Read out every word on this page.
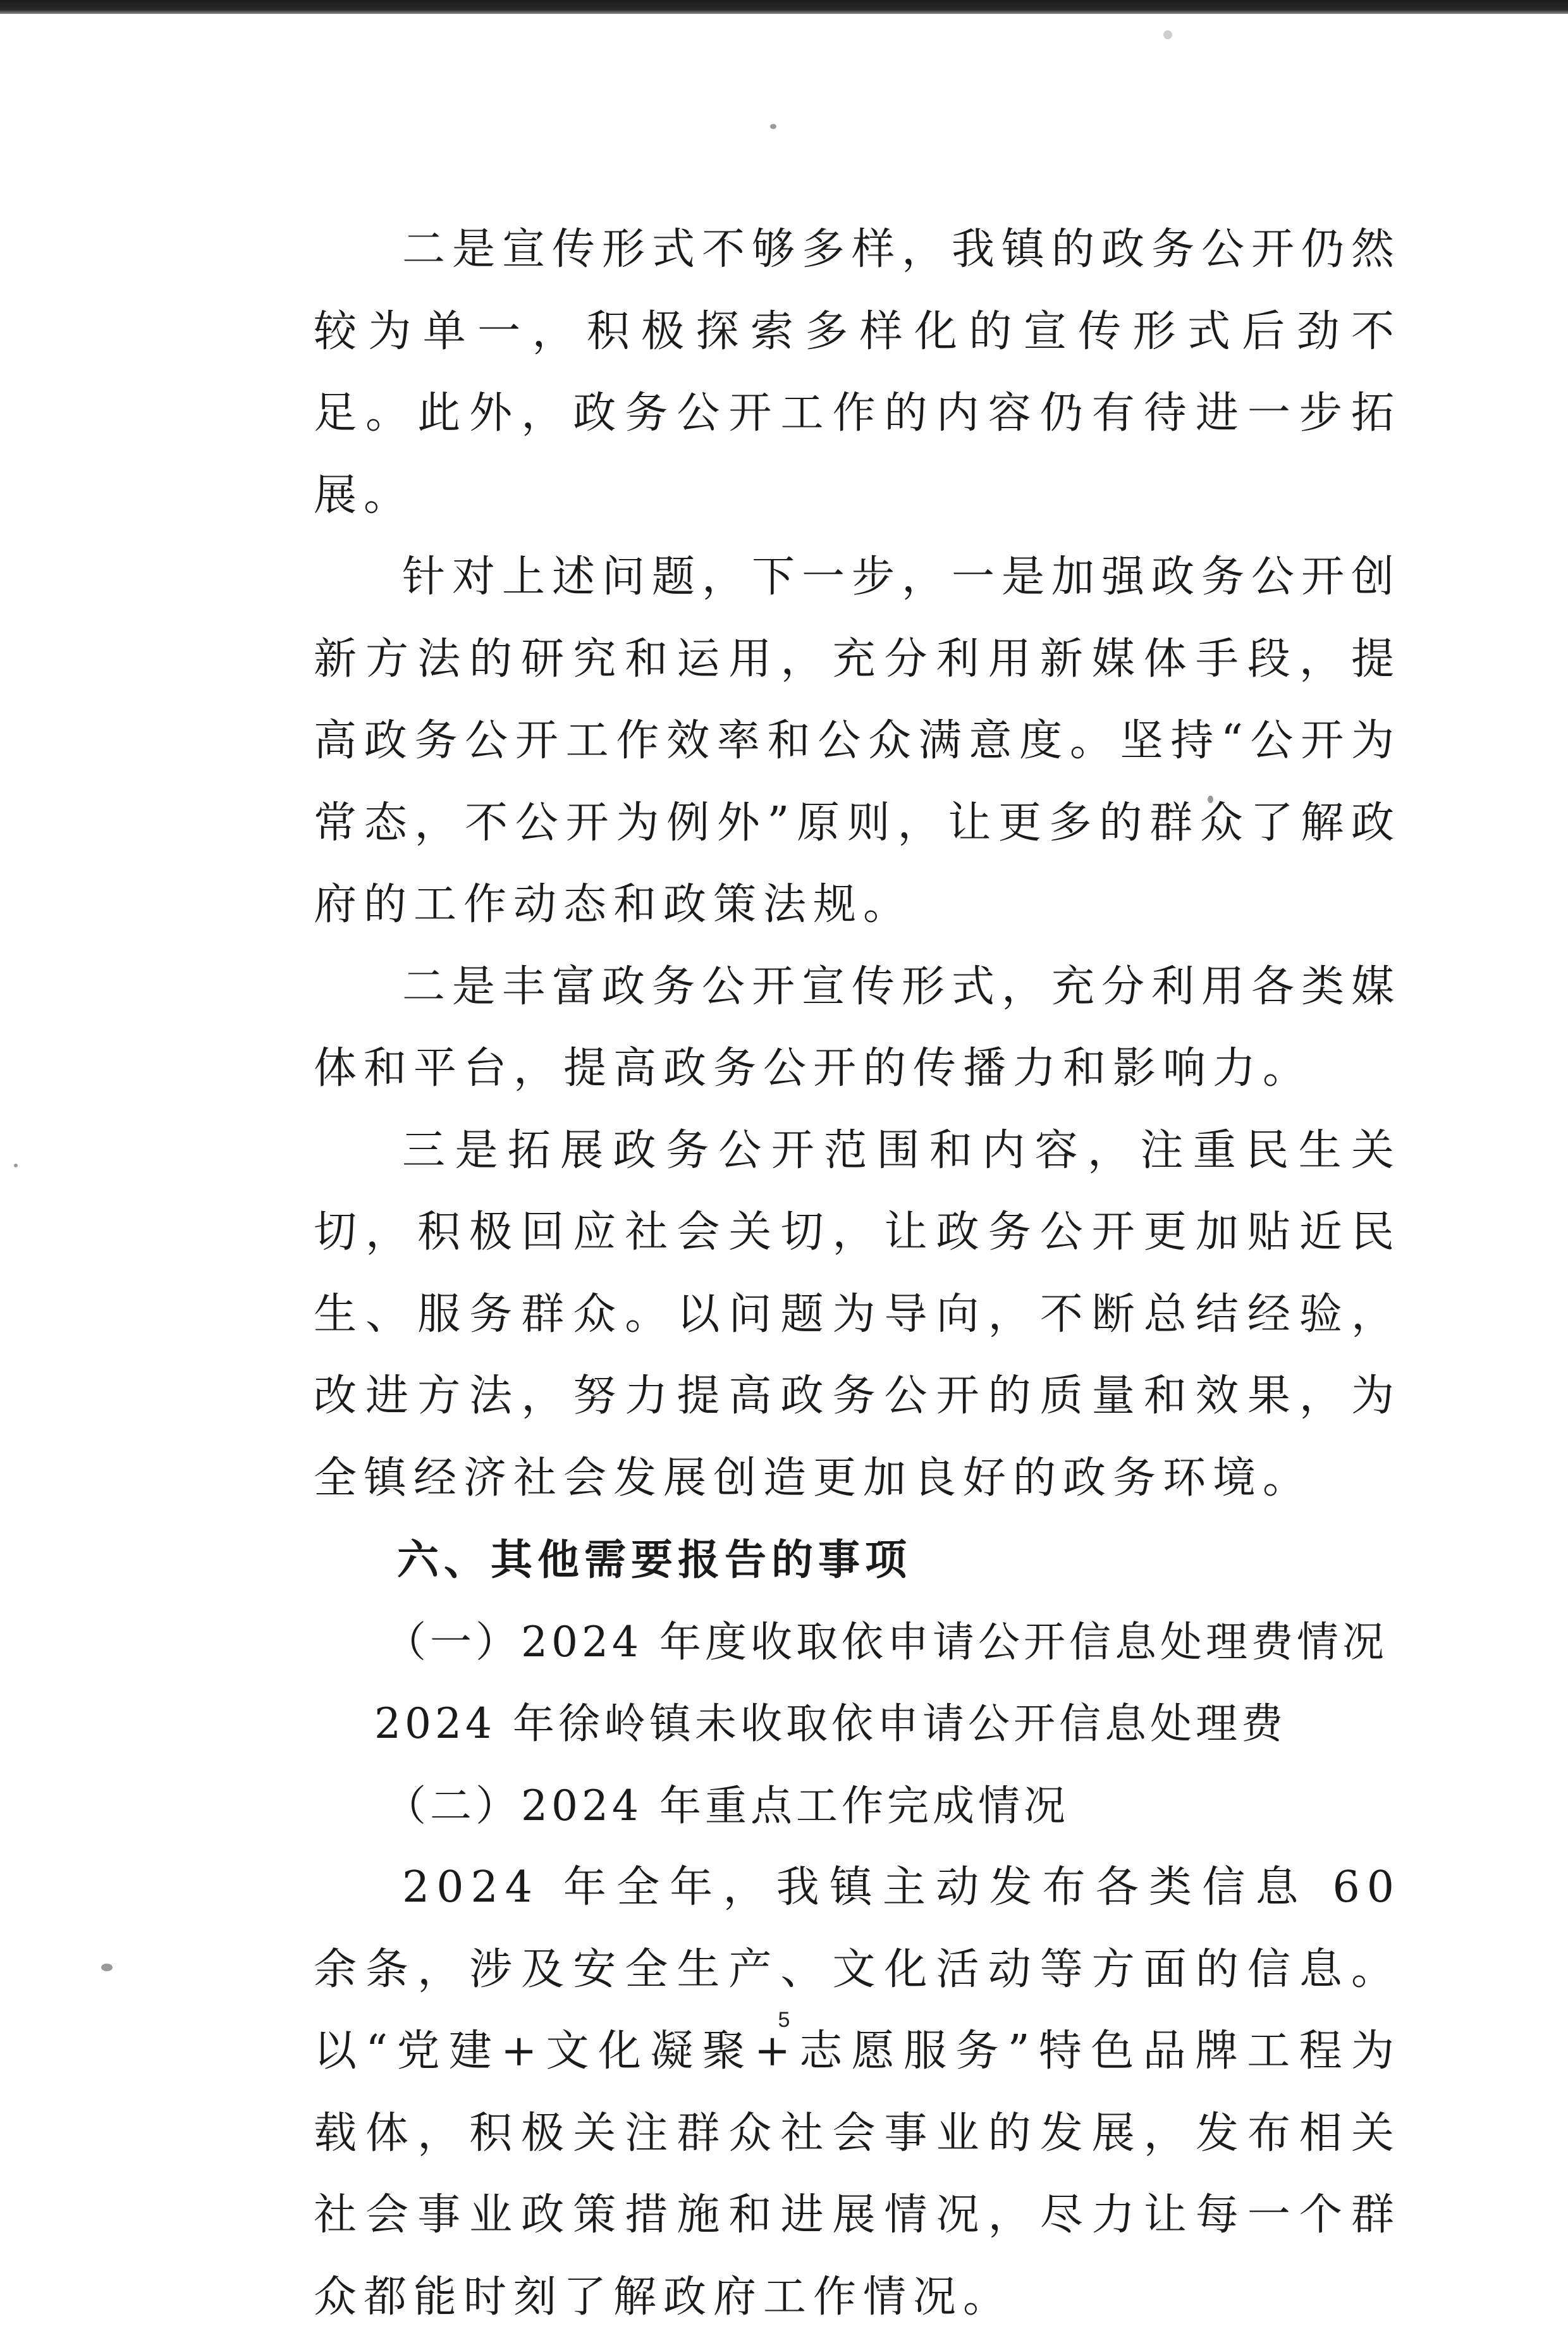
二是宣传形式不够多样，我镇的政务公开仍然较为单一，积极探索多样化的宣传形式后劲不足。此外，政务公开工作的内容仍有待进一步拓展。

针对上述问题，下一步，一是加强政务公开创新方法的研究和运用，充分利用新媒体手段，提高政务公开工作效率和公众满意度。坚持“公开为常态，不公开为例外”原则，让更多的群众了解政府的工作动态和政策法规。

二是丰富政务公开宣传形式，充分利用各类媒体和平台，提高政务公开的传播力和影响力。

三是拓展政务公开范围和内容，注重民生关切，积极回应社会关切，让政务公开更加贴近民生、服务群众。以问题为导向，不断总结经验，改进方法，努力提高政务公开的质量和效果，为全镇经济社会发展创造更加良好的政务环境。

六、其他需要报告的事项

（一）2024 年度收取依申请公开信息处理费情况

2024 年徐岭镇未收取依申请公开信息处理费

（二）2024 年重点工作完成情况

2024 年全年，我镇主动发布各类信息 60 余条，涉及安全生产、文化活动等方面的信息。以“党建+文化凝聚+志愿服务”特色品牌工程为载体，积极关注群众社会事业的发展，发布相关社会事业政策措施和进展情况，尽力让每一个群众都能时刻了解政府工作情况。

5
